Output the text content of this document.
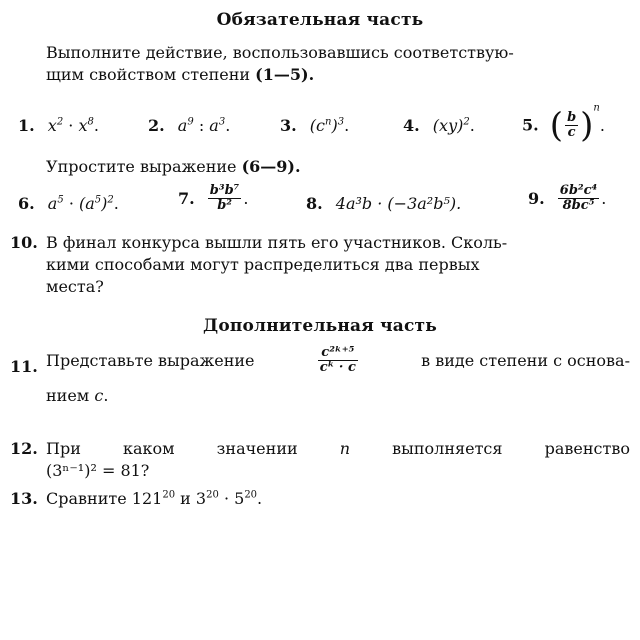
Обязательная часть
Выполните действие, воспользовавшись соответствую-
щим свойством степени (1—5).
1. $x^2 \cdot x^8$.	2. $a^9$ : $a^3$.	3. $(c^n)^3$.	4. (xy)$^2$.	5. ( $\frac{b}{c} )^n$.
Упростите выражение (6—9).
6. $a^5 \cdot (a^5)^2$.	7. $\frac{\text{b³b⁷}}{\text{b²}}$ .	8. 4a³b · (−3a²b⁵).	9. $\frac{\text{6b²c⁴}}{\text{8bc⁵}}$ .
10. В финал конкурса вышли пять его участников. Сколь-
кими способами могут распределиться два первых
места?
Дополнительная часть
11. Представьте выражение	$\frac{\text{c²ᵏ⁺⁵}}{\text{cᵏ · c}}$	в виде степени с основа-
нием c.
12. При	каком	значении	n	выполняется	равенство
(3ⁿ⁻¹)² = 81?
13. Сравните $121^{20}$ и $3^{20} \cdot 5^{20}$.
